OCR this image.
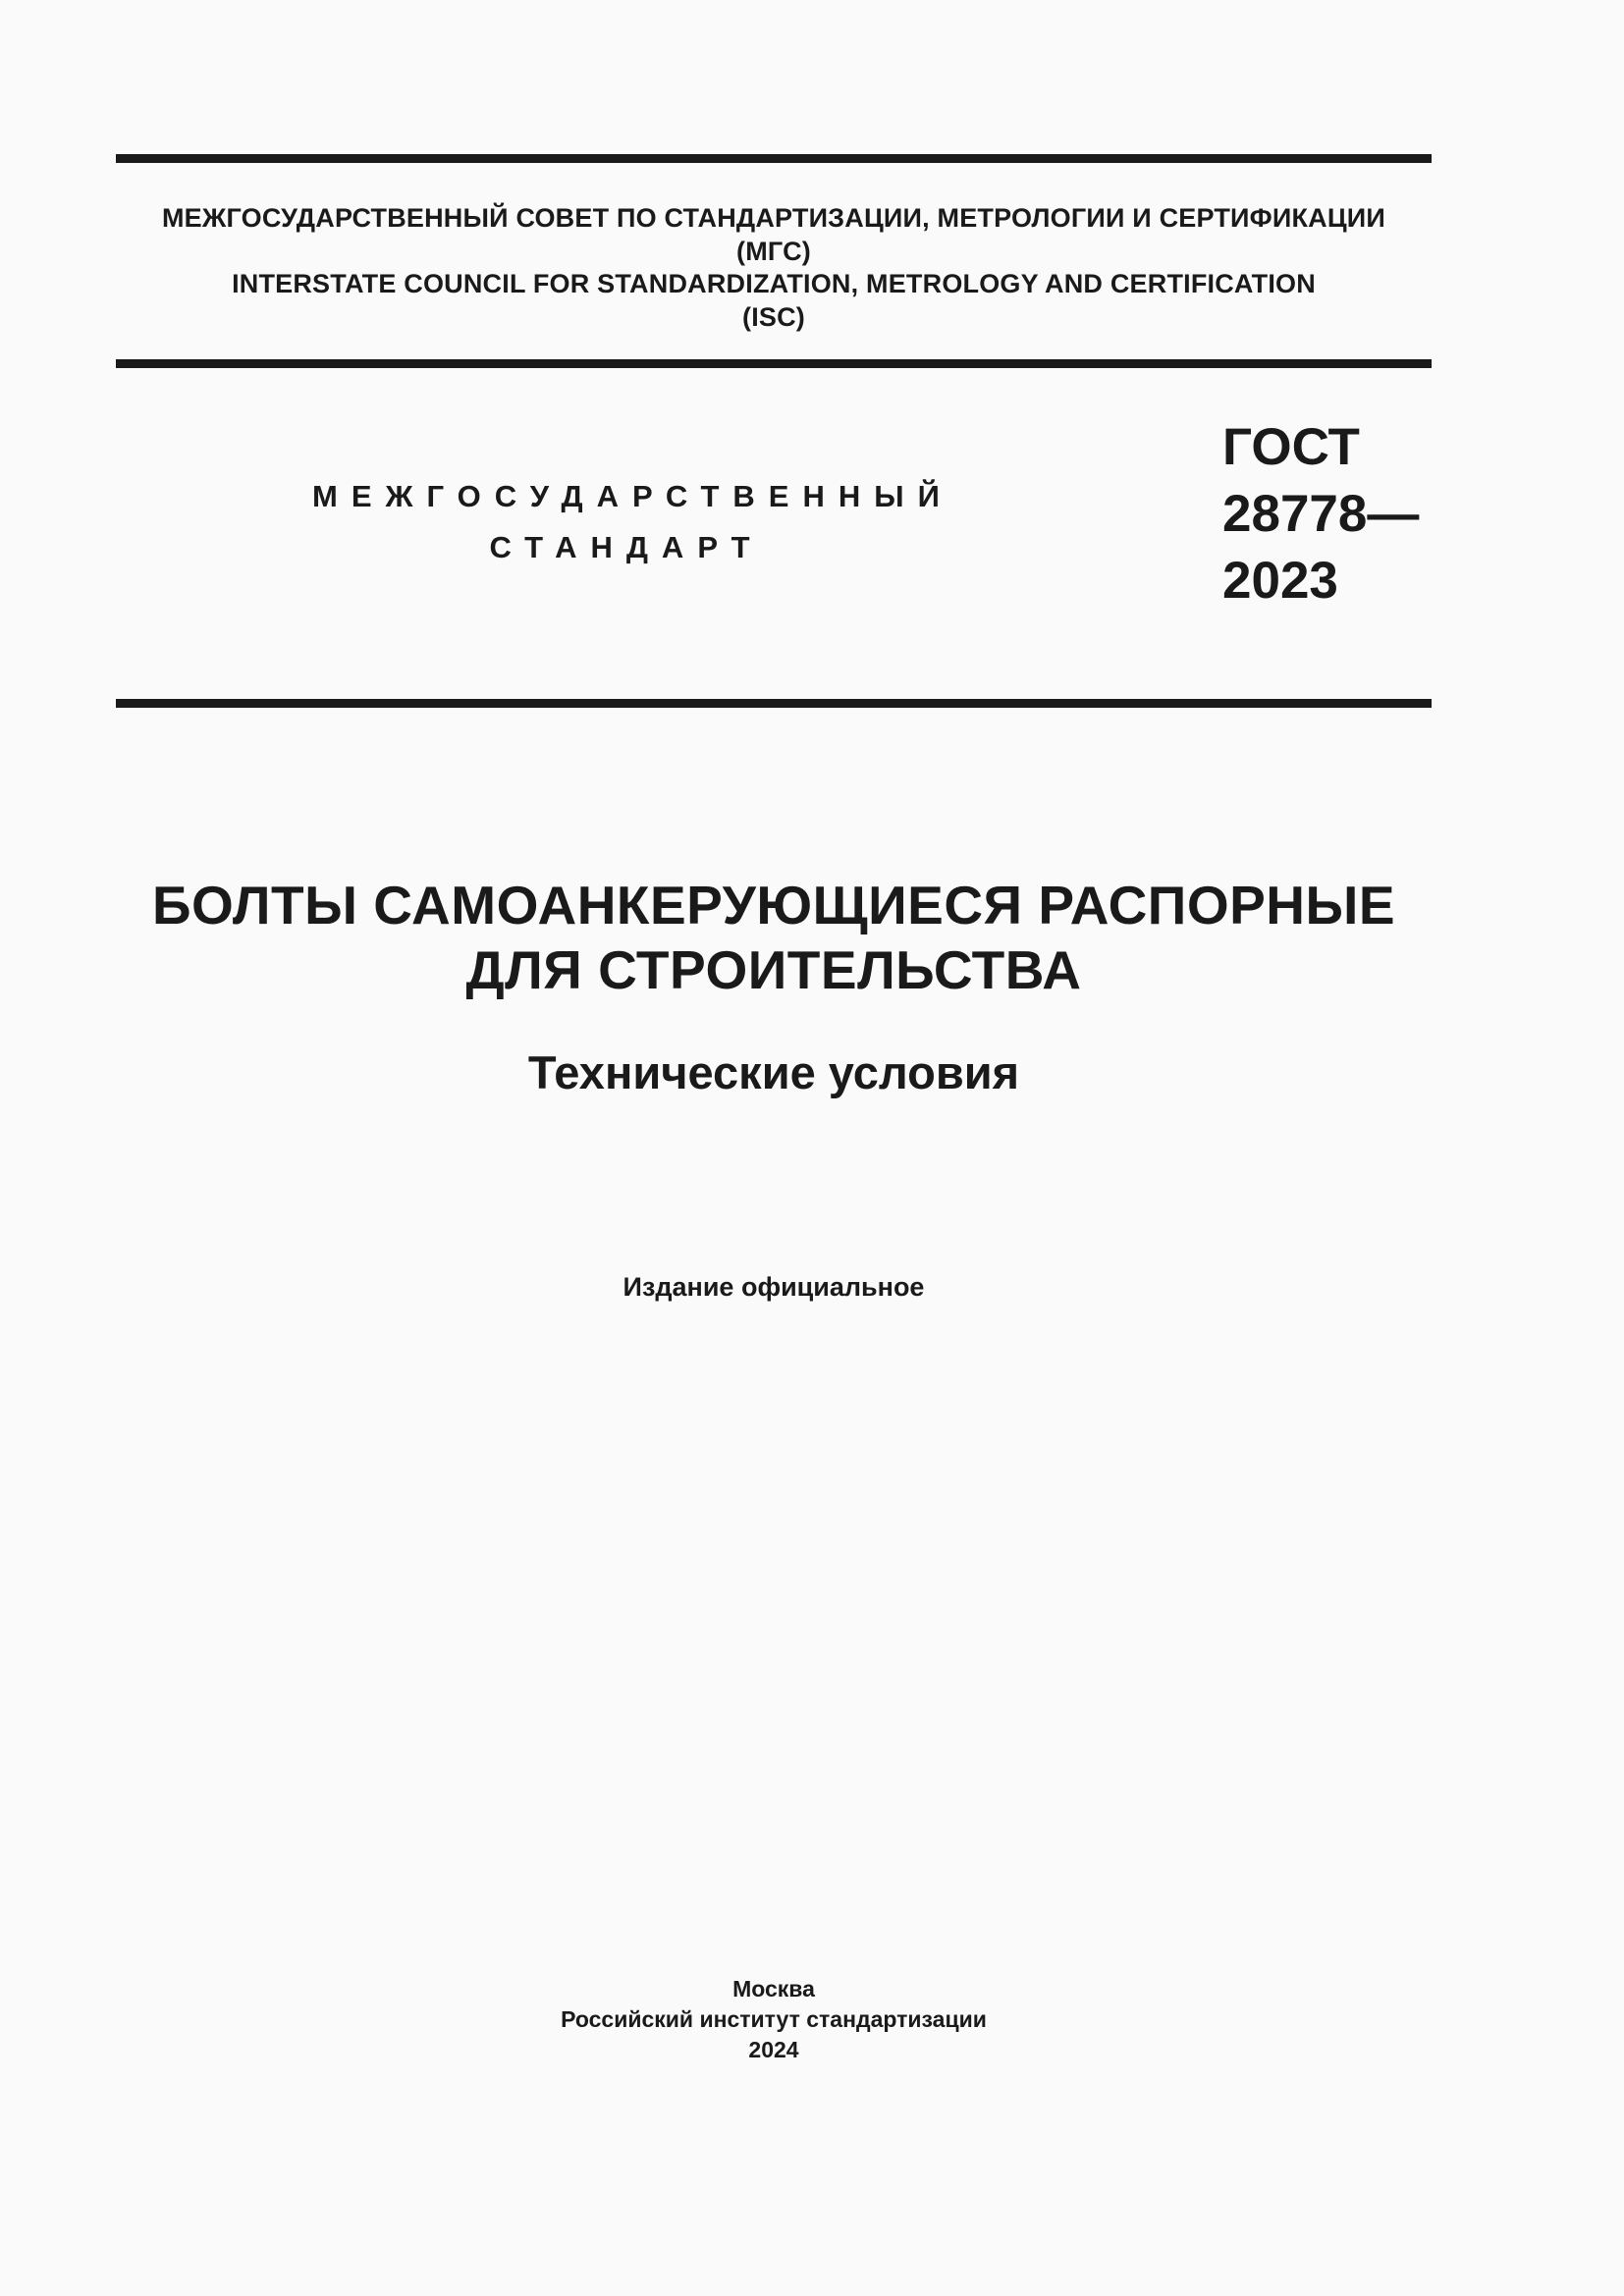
МЕЖГОСУДАРСТВЕННЫЙ СОВЕТ ПО СТАНДАРТИЗАЦИИ, МЕТРОЛОГИИ И СЕРТИФИКАЦИИ
(МГС)
INTERSTATE COUNCIL FOR STANDARDIZATION, METROLOGY AND CERTIFICATION
(ISC)
МЕЖГОСУДАРСТВЕННЫЙ
СТАНДАРТ
ГОСТ
28778—
2023
БОЛТЫ САМОАНКЕРУЮЩИЕСЯ РАСПОРНЫЕ
ДЛЯ СТРОИТЕЛЬСТВА
Технические условия
Издание официальное
Москва
Российский институт стандартизации
2024
